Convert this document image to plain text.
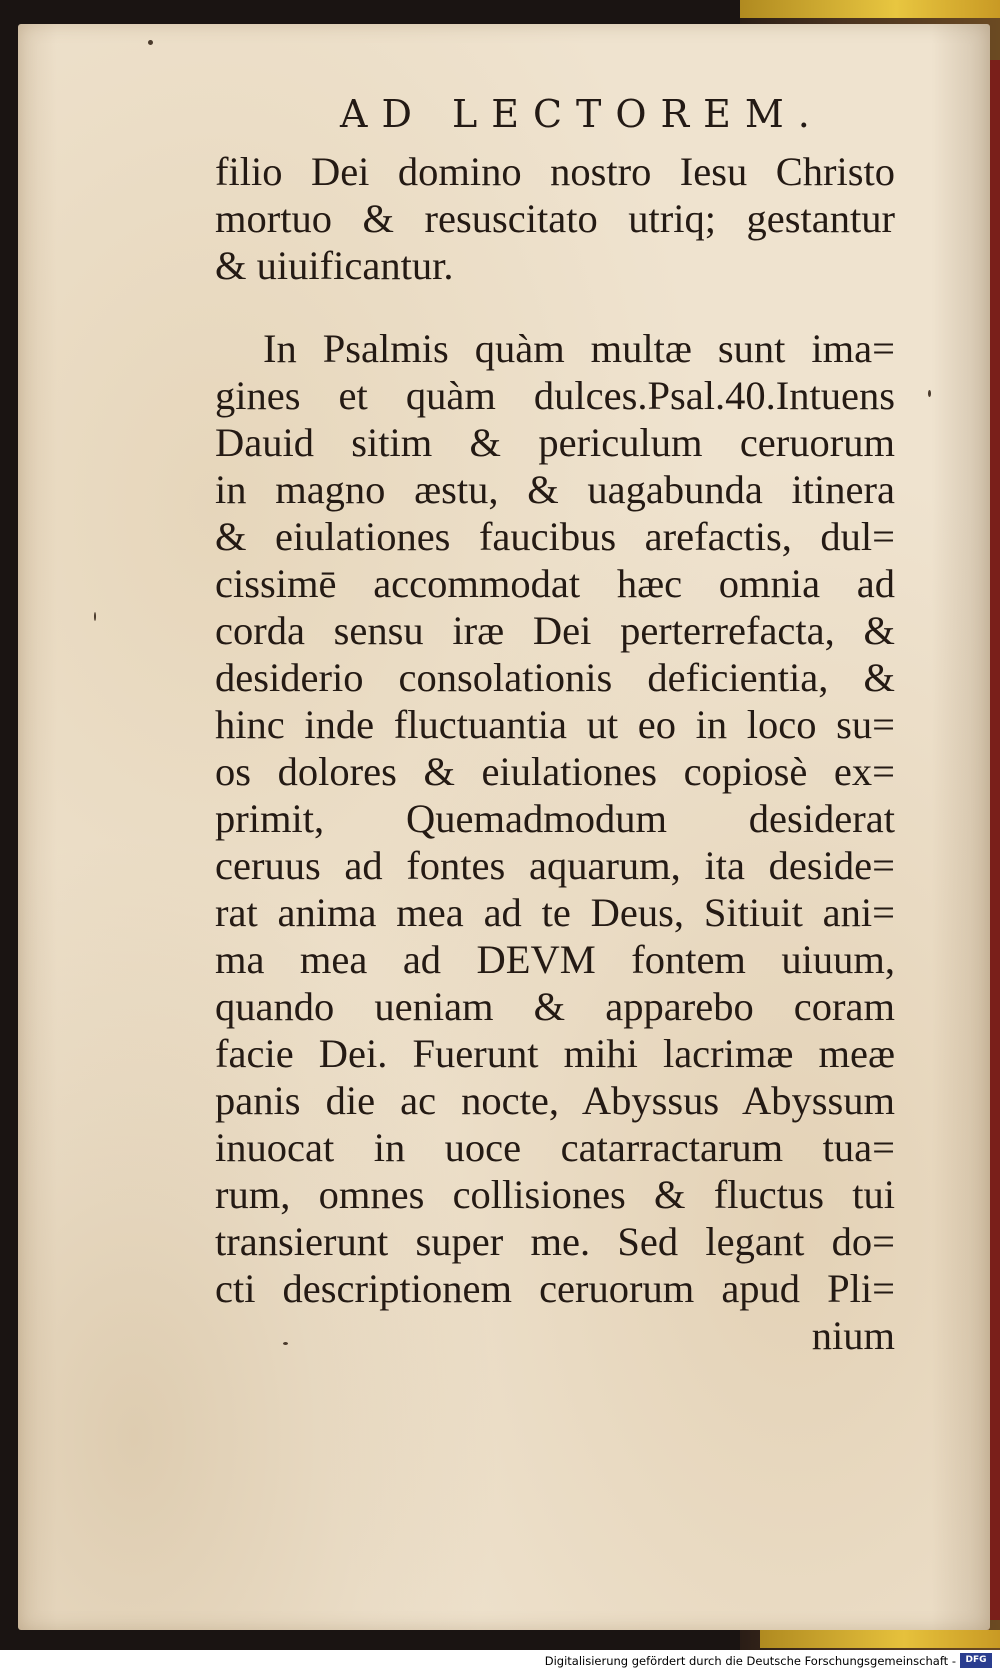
AD LECTOREM.
filio Dei domino nostro Iesu Christo
mortuo & resuscitato utriq; gestantur
& uiuificantur.
In Psalmis quàm multæ sunt ima=
gines et quàm dulces.Psal.40.Intuens
Dauid sitim & periculum ceruorum
in magno æstu, & uagabunda itinera
& eiulationes faucibus arefactis, dul=
cissimē accommodat hæc omnia ad
corda sensu iræ Dei perterrefacta, &
desiderio consolationis deficientia, &
hinc inde fluctuantia ut eo in loco su=
os dolores & eiulationes copiosè ex=
primit, Quemadmodum desiderat
ceruus ad fontes aquarum, ita deside=
rat anima mea ad te Deus, Sitiuit ani=
ma mea ad DEVM fontem uiuum,
quando ueniam & apparebo coram
facie Dei. Fuerunt mihi lacrimæ meæ
panis die ac nocte, Abyssus Abyssum
inuocat in uoce catarractarum tua=
rum, omnes collisiones & fluctus tui
transierunt super me. Sed legant do=
cti descriptionem ceruorum apud Pli=
nium
Digitalisierung gefördert durch die Deutsche Forschungsgemeinschaft -	DFG
